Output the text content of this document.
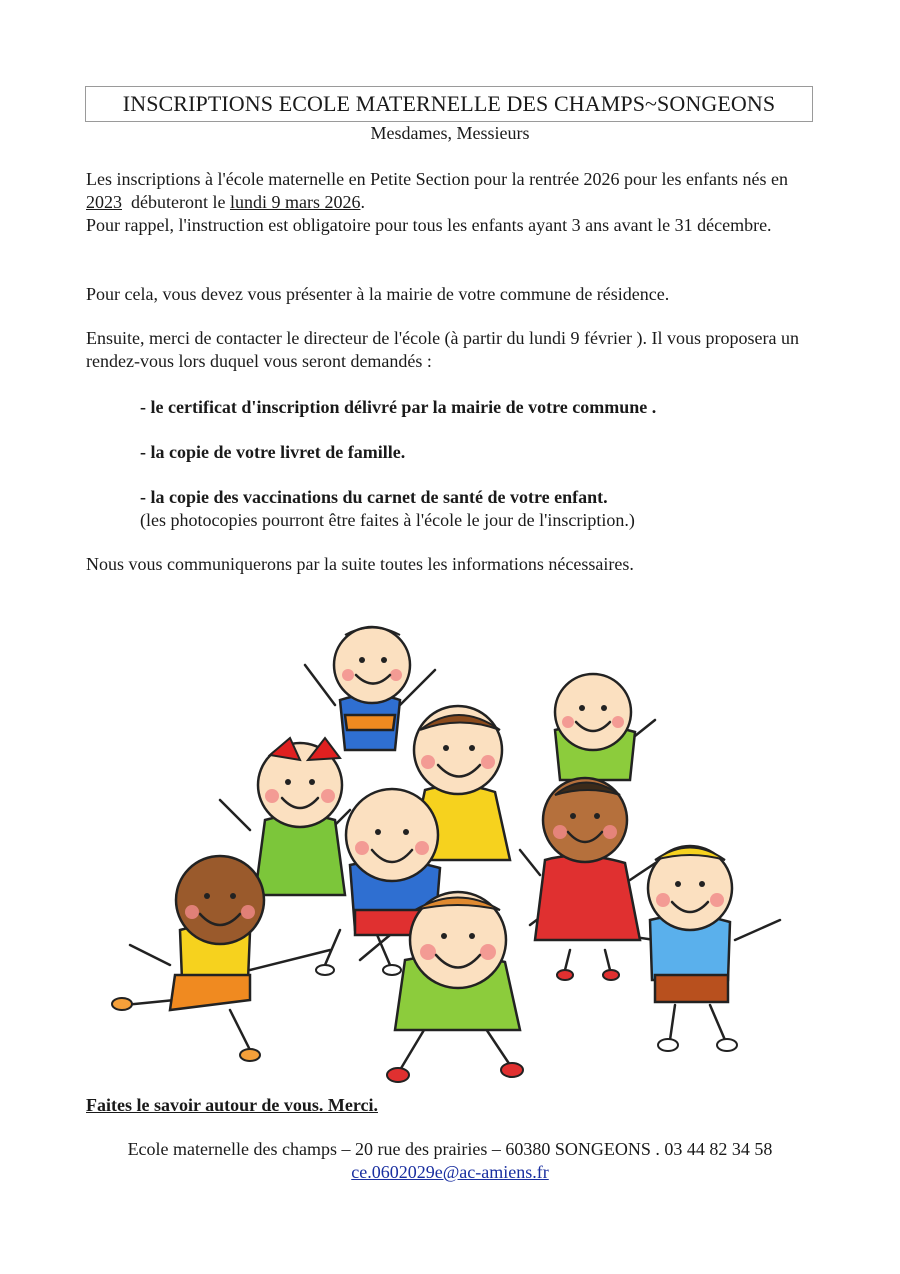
INSCRIPTIONS ECOLE MATERNELLE DES CHAMPS~SONGEONS
Mesdames, Messieurs
Les inscriptions à l'école maternelle en Petite Section pour la rentrée 2026 pour les enfants nés en 2023  débuteront le lundi 9 mars 2026.
Pour rappel, l'instruction est obligatoire pour tous les enfants ayant 3 ans avant le 31 décembre.
Pour cela, vous devez vous présenter à la mairie de votre commune de résidence.
Ensuite, merci de contacter le directeur de l'école (à partir du lundi 9 février ). Il vous proposera un rendez-vous lors duquel vous seront demandés :
- le certificat d'inscription délivré par la mairie de votre commune .
- la copie de votre livret de famille.
- la copie des vaccinations du carnet de santé de votre enfant.
(les photocopies pourront être faites à l'école le jour de l'inscription.)
Nous vous communiquerons par la suite toutes les informations nécessaires.
Faites le savoir autour de vous. Merci.
Ecole maternelle des champs – 20 rue des prairies – 60380 SONGEONS . 03 44 82 34 58
ce.0602029e@ac-amiens.fr
